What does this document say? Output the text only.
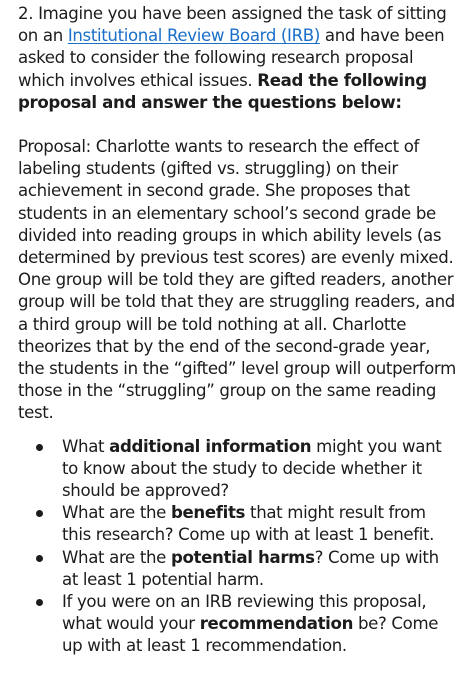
2. Imagine you have been assigned the task of sitting on an Institutional Review Board (IRB) and have been asked to consider the following research proposal which involves ethical issues. Read the following proposal and answer the questions below:

Proposal: Charlotte wants to research the effect of labeling students (gifted vs. struggling) on their achievement in second grade. She proposes that students in an elementary school’s second grade be divided into reading groups in which ability levels (as determined by previous test scores) are evenly mixed. One group will be told they are gifted readers, another group will be told that they are struggling readers, and a third group will be told nothing at all. Charlotte theorizes that by the end of the second-grade year, the students in the “gifted” level group will outperform those in the “struggling” group on the same reading test.

What additional information might you want to know about the study to decide whether it should be approved?
What are the benefits that might result from this research? Come up with at least 1 benefit.
What are the potential harms? Come up with at least 1 potential harm.
If you were on an IRB reviewing this proposal, what would your recommendation be? Come up with at least 1 recommendation.
